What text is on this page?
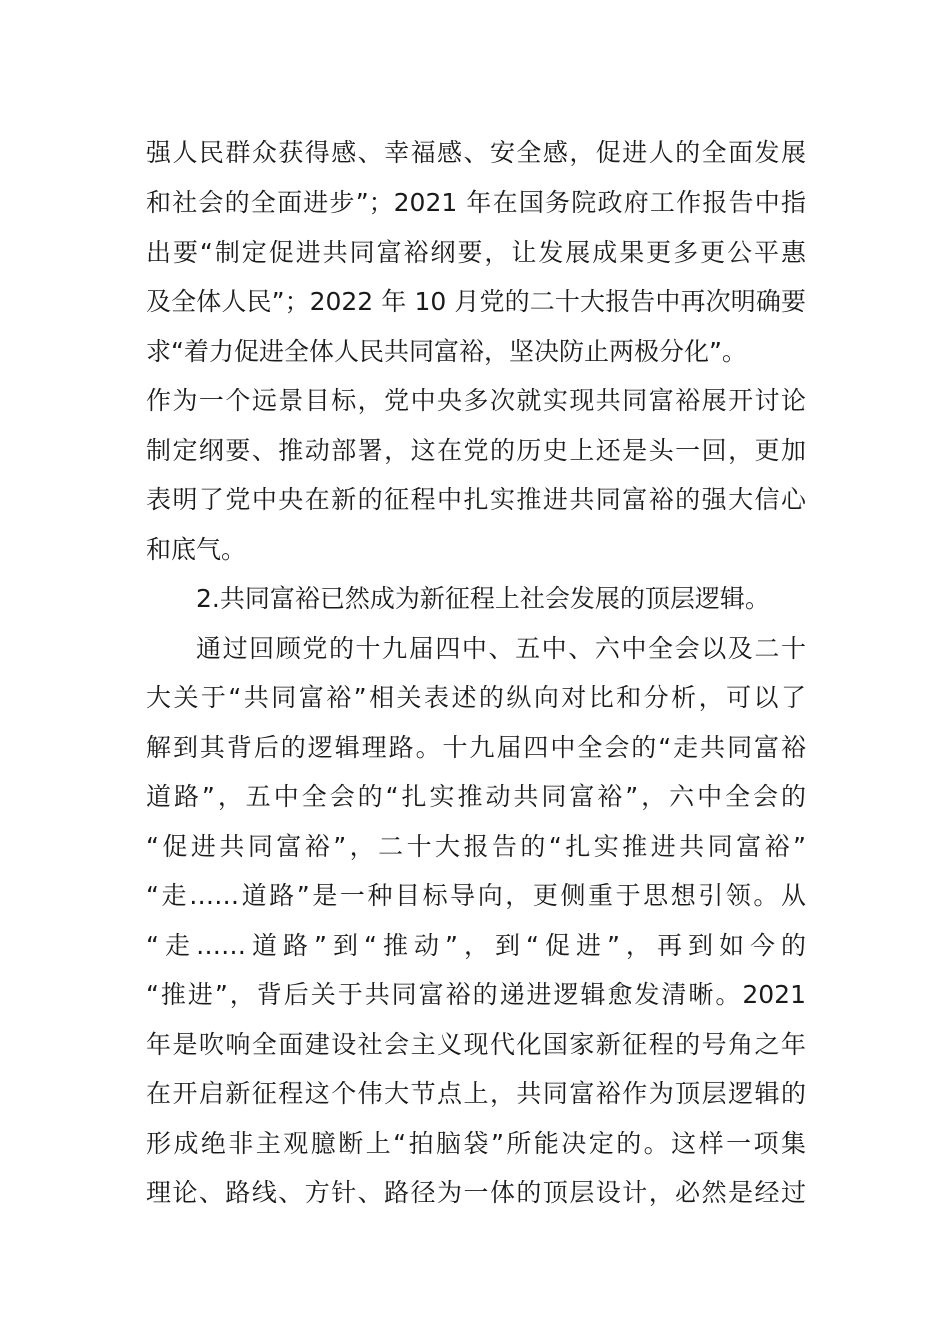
强人民群众获得感、幸福感、安全感，促进人的全面发展
和社会的全面进步”；2021 年在国务院政府工作报告中指
出要“制定促进共同富裕纲要，让发展成果更多更公平惠
及全体人民”；2022 年 10 月党的二十大报告中再次明确要
求“着力促进全体人民共同富裕，坚决防止两极分化”。
作为一个远景目标，党中央多次就实现共同富裕展开讨论
制定纲要、推动部署，这在党的历史上还是头一回，更加
表明了党中央在新的征程中扎实推进共同富裕的强大信心
和底气。
2.共同富裕已然成为新征程上社会发展的顶层逻辑。
通过回顾党的十九届四中、五中、六中全会以及二十
大关于“共同富裕”相关表述的纵向对比和分析，可以了
解到其背后的逻辑理路。十九届四中全会的“走共同富裕
道路”，五中全会的“扎实推动共同富裕”，六中全会的
“促进共同富裕”，二十大报告的“扎实推进共同富裕”
“走……道路”是一种目标导向，更侧重于思想引领。从
“走……道路”到“推动”，到“促进”，再到如今的
“推进”，背后关于共同富裕的递进逻辑愈发清晰。2021
年是吹响全面建设社会主义现代化国家新征程的号角之年
在开启新征程这个伟大节点上，共同富裕作为顶层逻辑的
形成绝非主观臆断上“拍脑袋”所能决定的。这样一项集
理论、路线、方针、路径为一体的顶层设计，必然是经过
